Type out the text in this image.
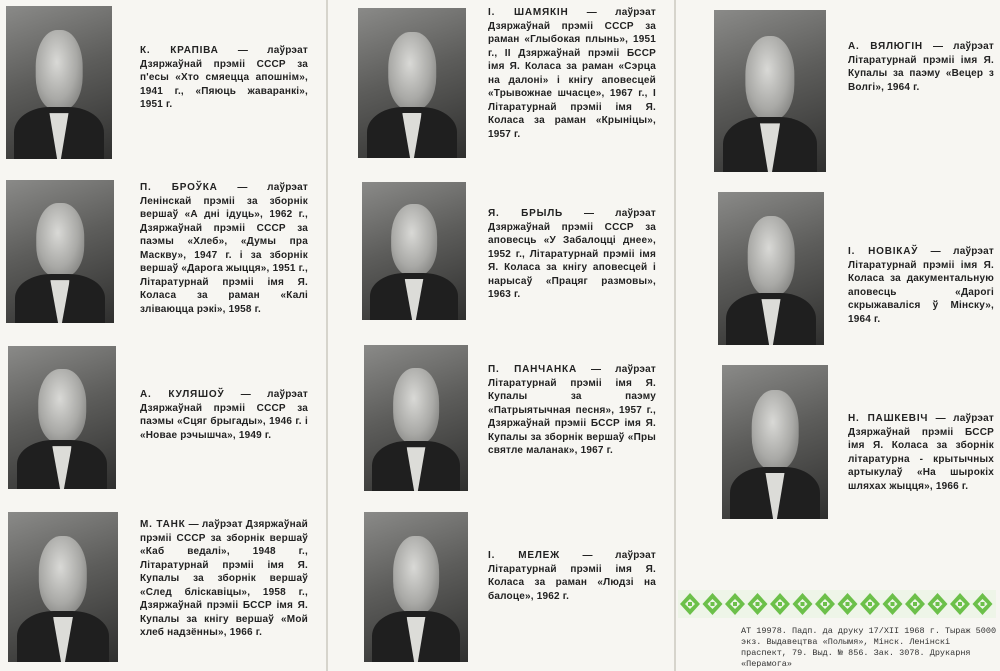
К. КРАПІВА — лаўрэат Дзяржаўнай прэміі СССР за п'есы «Хто смяецца апошнім», 1941 г., «Пяюць жаваранкі», 1951 г.
П. БРОЎКА — лаўрэат Ленінскай прэміі за зборнік вершаў «А дні ідуць», 1962 г., Дзяржаўнай прэміі СССР за паэмы «Хлеб», «Думы пра Маскву», 1947 г. і за зборнік вершаў «Дарога жыцця», 1951 г., Літаратурнай прэміі імя Я. Коласа за раман «Калі зліваюцца рэкі», 1958 г.
А. КУЛЯШОЎ — лаўрэат Дзяржаўнай прэміі СССР за паэмы «Сцяг брыгады», 1946 г. і «Новае рэчышча», 1949 г.
М. ТАНК — лаўрэат Дзяржаўнай прэміі СССР за зборнік вершаў «Каб ведалі», 1948 г., Літаратурнай прэміі імя Я. Купалы за зборнік вершаў «След бліскавіцы», 1958 г., Дзяржаўнай прэміі БССР імя Я. Купалы за кнігу вершаў «Мой хлеб надзённы», 1966 г.
І. ШАМЯКІН — лаўрэат Дзяржаўнай прэміі СССР за раман «Глыбокая плынь», 1951 г., ІІ Дзяржаўнай прэміі БССР імя Я. Коласа за раман «Сэрца на далоні» і кнігу аповесцей «Трывожнае шчасце», 1967 г., І Літаратурнай прэміі імя Я. Коласа за раман «Крыніцы», 1957 г.
Я. БРЫЛЬ — лаўрэат Дзяржаўнай прэміі СССР за аповесць «У Забалоцці днее», 1952 г., Літаратурнай прэміі імя Я. Коласа за кнігу аповесцей і нарысаў «Працяг размовы», 1963 г.
П. ПАНЧАНКА — лаўрэат Літаратурнай прэміі імя Я. Купалы за паэму «Патрыятычная песня», 1957 г., Дзяржаўнай прэміі БССР імя Я. Купалы за зборнік вершаў «Пры святле маланак», 1967 г.
І. МЕЛЕЖ — лаўрэат Літаратурнай прэміі імя Я. Коласа за раман «Людзі на балоце», 1962 г.
А. ВЯЛЮГІН — лаўрэат Літаратурнай прэміі імя Я. Купалы за паэму «Вецер з Волгі», 1964 г.
І. НОВІКАЎ — лаўрэат Літаратурнай прэміі імя Я. Коласа за дакументальную аповесць «Дарогі скрыжаваліся ў Мінску», 1964 г.
Н. ПАШКЕВІЧ — лаўрэат Дзяржаўнай прэміі БССР імя Я. Коласа за зборнік літаратурна - крытычных артыкулаў «На шырокіх шляхах жыцця», 1966 г.
АТ 19978. Падп. да друку 17/ХІІ 1968 г. Тыраж 5000 экз. Выдавецтва «Полымя», Мінск. Ленінскі праспект, 79. Выд. № 856. Зак. 3078. Друкарня «Перамога»
